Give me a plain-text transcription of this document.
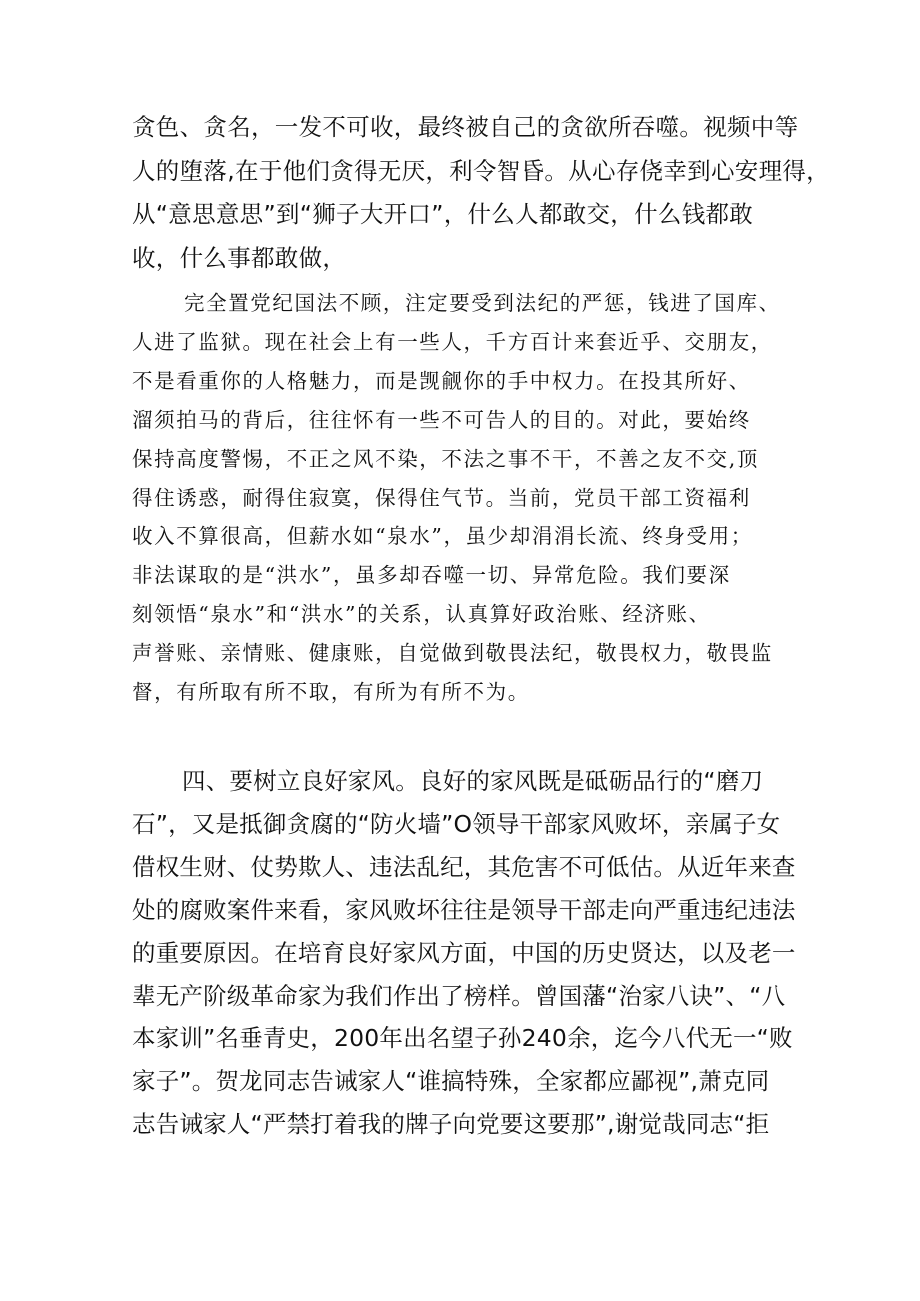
贪色、贪名，一发不可收，最终被自己的贪欲所吞噬。视频中等
人的堕落,在于他们贪得无厌，利令智昏。从心存侥幸到心安理得，
从“意思意思”到“狮子大开口”，什么人都敢交，什么钱都敢
收，什么事都敢做，

完全置党纪国法不顾，注定要受到法纪的严惩，钱进了国库、
人进了监狱。现在社会上有一些人，千方百计来套近乎、交朋友，
不是看重你的人格魅力，而是觊觎你的手中权力。在投其所好、
溜须拍马的背后，往往怀有一些不可告人的目的。对此，要始终
保持高度警惕，不正之风不染，不法之事不干，不善之友不交,顶
得住诱惑，耐得住寂寞，保得住气节。当前，党员干部工资福利
收入不算很高，但薪水如“泉水”，虽少却涓涓长流、终身受用；
非法谋取的是“洪水”，虽多却吞噬一切、异常危险。我们要深
刻领悟“泉水”和“洪水”的关系，认真算好政治账、经济账、
声誉账、亲情账、健康账，自觉做到敬畏法纪，敬畏权力，敬畏监
督，有所取有所不取，有所为有所不为。

四、要树立良好家风。良好的家风既是砥砺品行的“磨刀
石”，又是抵御贪腐的“防火墙”O领导干部家风败坏，亲属子女
借权生财、仗势欺人、违法乱纪，其危害不可低估。从近年来查
处的腐败案件来看，家风败坏往往是领导干部走向严重违纪违法
的重要原因。在培育良好家风方面，中国的历史贤达，以及老一
辈无产阶级革命家为我们作出了榜样。曾国藩“治家八诀”、“八
本家训”名垂青史，200年出名望子孙240余，迄今八代无一“败
家子”。贺龙同志告诫家人“谁搞特殊，全家都应鄙视”,萧克同
志告诫家人“严禁打着我的牌子向党要这要那”,谢觉哉同志“拒
